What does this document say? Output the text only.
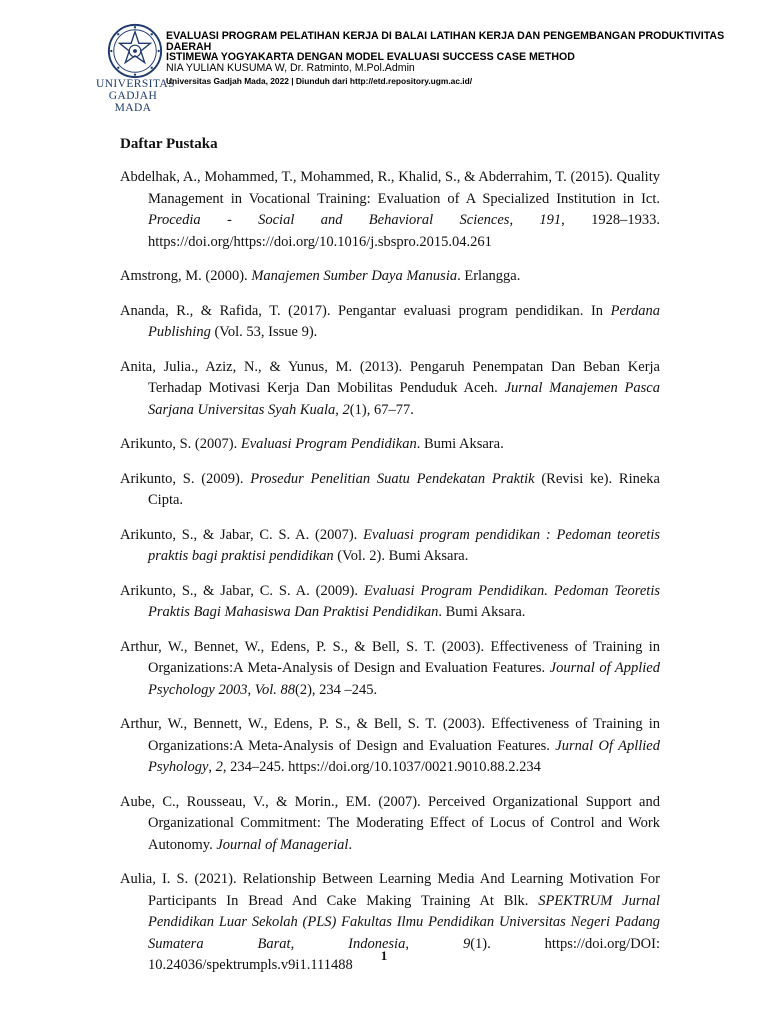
UNIVERSITAS
GADJAH MADA
EVALUASI PROGRAM PELATIHAN KERJA DI BALAI LATIHAN KERJA DAN PENGEMBANGAN PRODUKTIVITAS DAERAH
ISTIMEWA YOGYAKARTA DENGAN MODEL EVALUASI SUCCESS CASE METHOD
NIA YULIAN KUSUMA W, Dr. Ratminto, M.Pol.Admin
Universitas Gadjah Mada, 2022 | Diunduh dari http://etd.repository.ugm.ac.id/
Daftar Pustaka

Abdelhak, A., Mohammed, T., Mohammed, R., Khalid, S., & Abderrahim, T. (2015). Quality Management in Vocational Training: Evaluation of A Specialized Institution in Ict. Procedia - Social and Behavioral Sciences, 191, 1928–1933. https://doi.org/https://doi.org/10.1016/j.sbspro.2015.04.261

Amstrong, M. (2000). Manajemen Sumber Daya Manusia. Erlangga.

Ananda, R., & Rafida, T. (2017). Pengantar evaluasi program pendidikan. In Perdana Publishing (Vol. 53, Issue 9).

Anita, Julia., Aziz, N., & Yunus, M. (2013). Pengaruh Penempatan Dan Beban Kerja Terhadap Motivasi Kerja Dan Mobilitas Penduduk Aceh. Jurnal Manajemen Pasca Sarjana Universitas Syah Kuala, 2(1), 67–77.

Arikunto, S. (2007). Evaluasi Program Pendidikan. Bumi Aksara.

Arikunto, S. (2009). Prosedur Penelitian Suatu Pendekatan Praktik (Revisi ke). Rineka Cipta.

Arikunto, S., & Jabar, C. S. A. (2007). Evaluasi program pendidikan : Pedoman teoretis praktis bagi praktisi pendidikan (Vol. 2). Bumi Aksara.

Arikunto, S., & Jabar, C. S. A. (2009). Evaluasi Program Pendidikan. Pedoman Teoretis Praktis Bagi Mahasiswa Dan Praktisi Pendidikan. Bumi Aksara.

Arthur, W., Bennet, W., Edens, P. S., & Bell, S. T. (2003). Effectiveness of Training in Organizations:A Meta-Analysis of Design and Evaluation Features. Journal of Applied Psychology 2003, Vol. 88(2), 234 –245.

Arthur, W., Bennett, W., Edens, P. S., & Bell, S. T. (2003). Effectiveness of Training in Organizations:A Meta-Analysis of Design and Evaluation Features. Jurnal Of Apllied Psyhology, 2, 234–245. https://doi.org/10.1037/0021.9010.88.2.234

Aube, C., Rousseau, V., & Morin., EM. (2007). Perceived Organizational Support and Organizational Commitment: The Moderating Effect of Locus of Control and Work Autonomy. Journal of Managerial.

Aulia, I. S. (2021). Relationship Between Learning Media And Learning Motivation For Participants In Bread And Cake Making Training At Blk. SPEKTRUM Jurnal Pendidikan Luar Sekolah (PLS) Fakultas Ilmu Pendidikan Universitas Negeri Padang Sumatera Barat, Indonesia, 9(1). https://doi.org/DOI: 10.24036/spektrumpls.v9i1.111488

1
